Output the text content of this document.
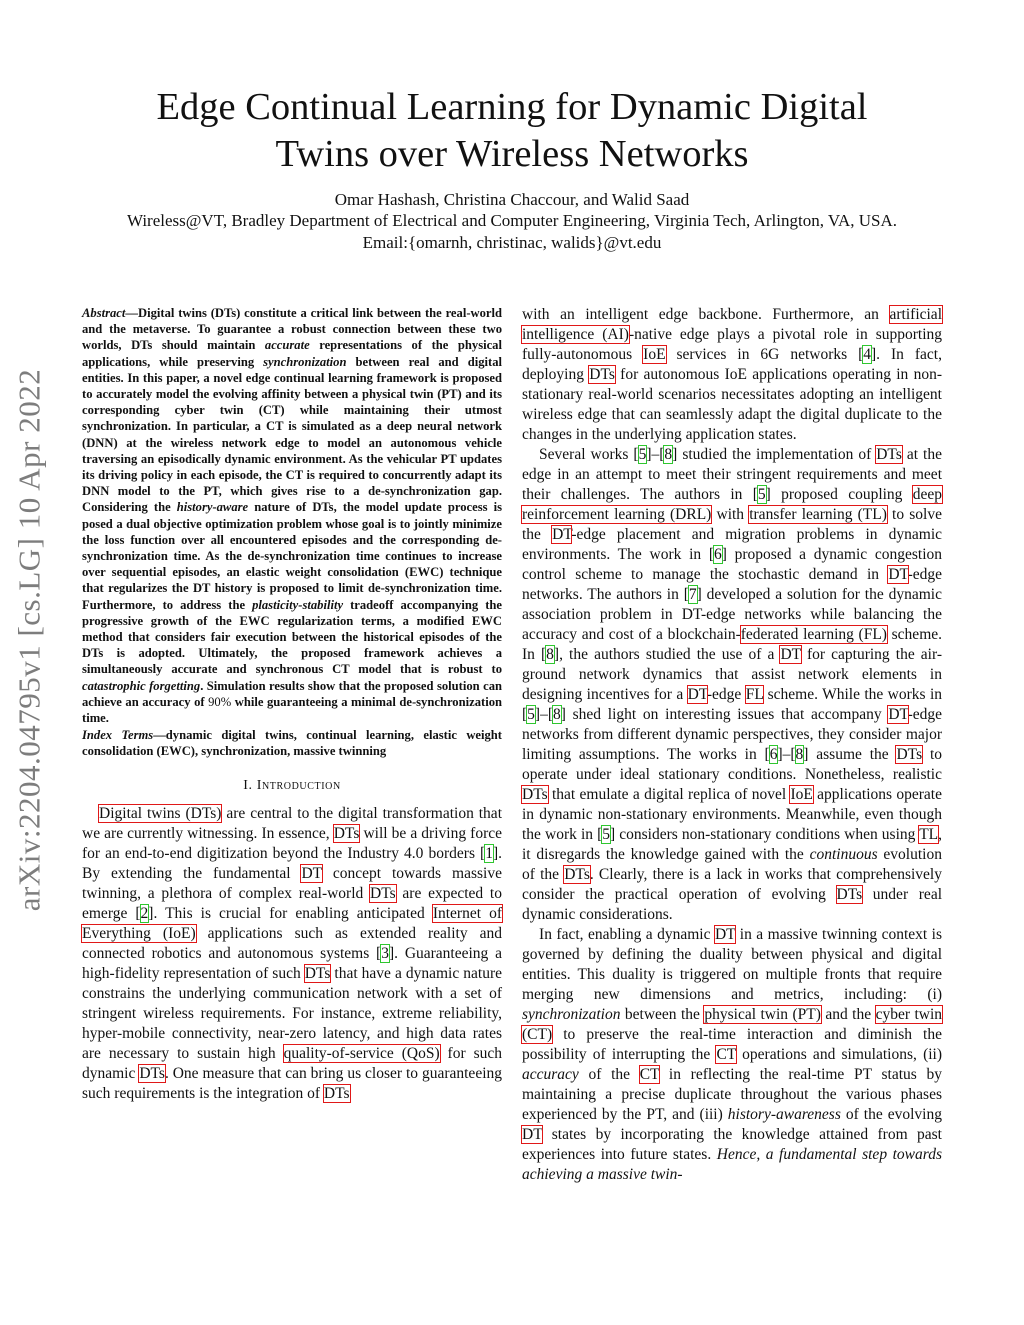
arXiv:2204.04795v1 [cs.LG] 10 Apr 2022
Edge Continual Learning for Dynamic Digital
Twins over Wireless Networks
Omar Hashash, Christina Chaccour, and Walid Saad
Wireless@VT, Bradley Department of Electrical and Computer Engineering, Virginia Tech, Arlington, VA, USA.
Email:{omarnh, christinac, walids}@vt.edu

Abstract—Digital twins (DTs) constitute a critical link between the real-world and the metaverse. To guarantee a robust connection between these two worlds, DTs should maintain accurate representations of the physical applications, while preserving synchronization between real and digital entities. In this paper, a novel edge continual learning framework is proposed to accurately model the evolving affinity between a physical twin (PT) and its corresponding cyber twin (CT) while maintaining their utmost synchronization. In particular, a CT is simulated as a deep neural network (DNN) at the wireless network edge to model an autonomous vehicle traversing an episodically dynamic environment. As the vehicular PT updates its driving policy in each episode, the CT is required to concurrently adapt its DNN model to the PT, which gives rise to a de-synchronization gap. Considering the history-aware nature of DTs, the model update process is posed a dual objective optimization problem whose goal is to jointly minimize the loss function over all encountered episodes and the corresponding de-synchronization time. As the de-synchronization time continues to increase over sequential episodes, an elastic weight consolidation (EWC) technique that regularizes the DT history is proposed to limit de-synchronization time. Furthermore, to address the plasticity-stability tradeoff accompanying the progressive growth of the EWC regularization terms, a modified EWC method that considers fair execution between the historical episodes of the DTs is adopted. Ultimately, the proposed framework achieves a simultaneously accurate and synchronous CT model that is robust to catastrophic forgetting. Simulation results show that the proposed solution can achieve an accuracy of 90% while guaranteeing a minimal de-synchronization time.

Index Terms—dynamic digital twins, continual learning, elastic weight consolidation (EWC), synchronization, massive twinning

I. Introduction

Digital twins (DTs) are central to the digital transformation that we are currently witnessing. In essence, DTs will be a driving force for an end-to-end digitization beyond the Industry 4.0 borders [1]. By extending the fundamental DT concept towards massive twinning, a plethora of complex real-world DTs are expected to emerge [2]. This is crucial for enabling anticipated Internet of Everything (IoE) applications such as extended reality and connected robotics and autonomous systems [3]. Guaranteeing a high-fidelity representation of such DTs that have a dynamic nature constrains the underlying communication network with a set of stringent wireless requirements. For instance, extreme reliability, hyper-mobile connectivity, near-zero latency, and high data rates are necessary to sustain high quality-of-service (QoS) for such dynamic DTs. One measure that can bring us closer to guaranteeing such requirements is the integration of DTs

with an intelligent edge backbone. Furthermore, an artificial intelligence (AI)-native edge plays a pivotal role in supporting fully-autonomous IoE services in 6G networks [4]. In fact, deploying DTs for autonomous IoE applications operating in non-stationary real-world scenarios necessitates adopting an intelligent wireless edge that can seamlessly adapt the digital duplicate to the changes in the underlying application states.

Several works [5]–[8] studied the implementation of DTs at the edge in an attempt to meet their stringent requirements and meet their challenges. The authors in [5] proposed coupling deep reinforcement learning (DRL) with transfer learning (TL) to solve the DT-edge placement and migration problems in dynamic environments. The work in [6] proposed a dynamic congestion control scheme to manage the stochastic demand in DT-edge networks. The authors in [7] developed a solution for the dynamic association problem in DT-edge networks while balancing the accuracy and cost of a blockchain-federated learning (FL) scheme. In [8], the authors studied the use of a DT for capturing the air-ground network dynamics that assist network elements in designing incentives for a DT-edge FL scheme. While the works in [5]–[8] shed light on interesting issues that accompany DT-edge networks from different dynamic perspectives, they consider major limiting assumptions. The works in [6]–[8] assume the DTs to operate under ideal stationary conditions. Nonetheless, realistic DTs that emulate a digital replica of novel IoE applications operate in dynamic non-stationary environments. Meanwhile, even though the work in [5] considers non-stationary conditions when using TL, it disregards the knowledge gained with the continuous evolution of the DTs. Clearly, there is a lack in works that comprehensively consider the practical operation of evolving DTs under real dynamic considerations.

In fact, enabling a dynamic DT in a massive twinning context is governed by defining the duality between physical and digital entities. This duality is triggered on multiple fronts that require merging new dimensions and metrics, including: (i) synchronization between the physical twin (PT) and the cyber twin (CT) to preserve the real-time interaction and diminish the possibility of interrupting the CT operations and simulations, (ii) accuracy of the CT in reflecting the real-time PT status by maintaining a precise duplicate throughout the various phases experienced by the PT, and (iii) history-awareness of the evolving DT states by incorporating the knowledge attained from past experiences into future states. Hence, a fundamental step towards achieving a massive twin-
